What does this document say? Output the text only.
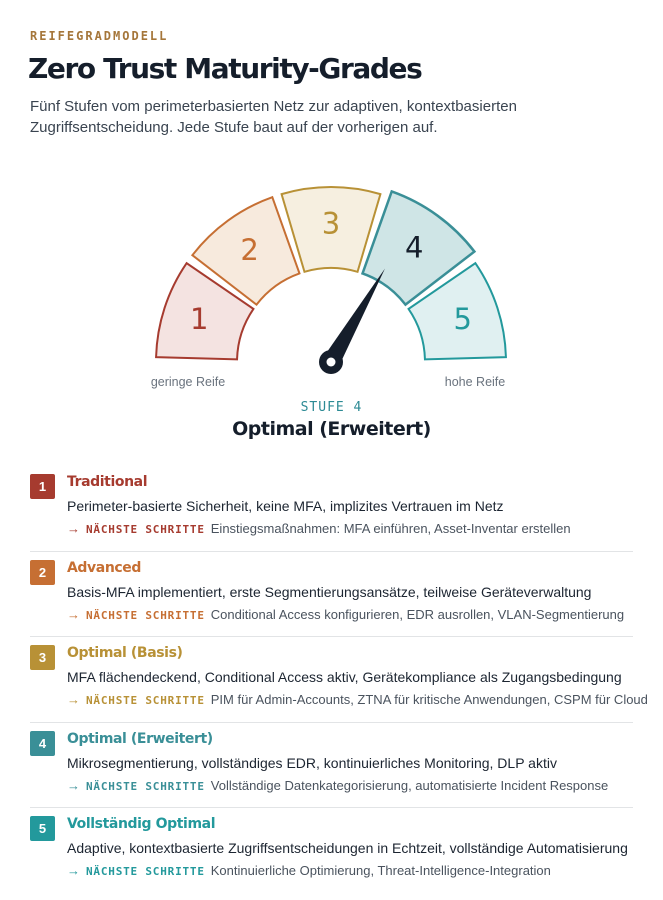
REIFEGRADMODELL
Zero Trust Maturity-Grades
Fünf Stufen vom perimeterbasierten Netz zur adaptiven, kontextbasierten Zugriffsentscheidung. Jede Stufe baut auf der vorherigen auf.
1
2
3
4
5
geringe Reife	hohe Reife
STUFE 4
Optimal (Erweitert)
1	Traditional
Perimeter-basierte Sicherheit, keine MFA, implizites Vertrauen im Netz
→ NÄCHSTE SCHRITTE Einstiegsmaßnahmen: MFA einführen, Asset-Inventar erstellen
2	Advanced
Basis-MFA implementiert, erste Segmentierungsansätze, teilweise Geräteverwaltung
→ NÄCHSTE SCHRITTE Conditional Access konfigurieren, EDR ausrollen, VLAN-Segmentierung
3	Optimal (Basis)
MFA flächendeckend, Conditional Access aktiv, Gerätekompliance als Zugangsbedingung
→ NÄCHSTE SCHRITTE PIM für Admin-Accounts, ZTNA für kritische Anwendungen, CSPM für Cloud
4	Optimal (Erweitert)
Mikrosegmentierung, vollständiges EDR, kontinuierliches Monitoring, DLP aktiv
→ NÄCHSTE SCHRITTE Vollständige Datenkategorisierung, automatisierte Incident Response
5	Vollständig Optimal
Adaptive, kontextbasierte Zugriffsentscheidungen in Echtzeit, vollständige Automatisierung
→ NÄCHSTE SCHRITTE Kontinuierliche Optimierung, Threat-Intelligence-Integration
